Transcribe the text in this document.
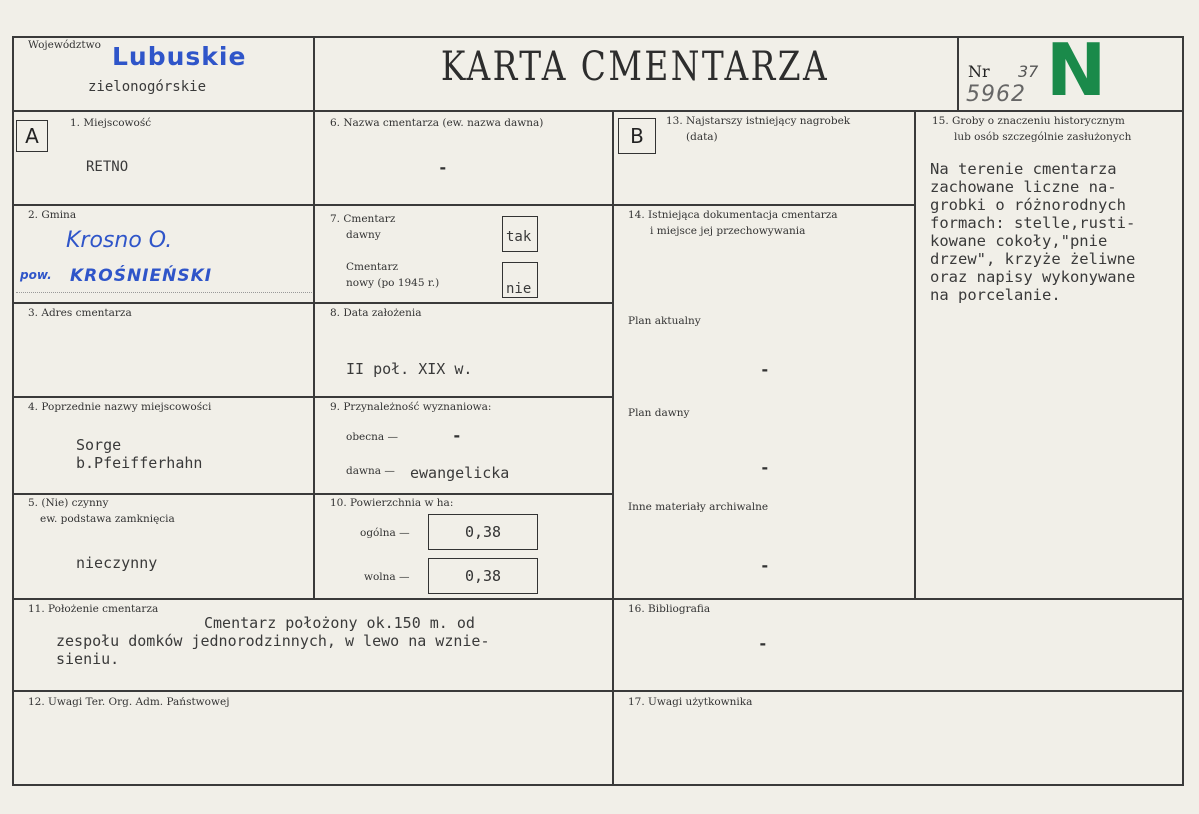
Województwo Lubuskie
zielonogórskie	KARTA CMENTARZA	Nr 37
5962 N
A	B
1. Miejscowość
RETNO
6. Nazwa cmentarza (ew. nazwa dawna)
-
13. Najstarszy istniejący nagrobek
(data)
15. Groby o znaczeniu historycznym
lub osób szczególnie zasłużonych
Na terenie cmentarza
zachowane liczne na-
grobki o różnorodnych
formach: stelle,rusti-
kowane cokoły,"pnie
drzew", krzyże żeliwne
oraz napisy wykonywane
na porcelanie.
2. Gmina
Krosno O.
pow. KROŚNIEŃSKI
7. Cmentarz
dawny	tak
Cmentarz
nowy (po 1945 r.)	nie
14. Istniejąca dokumentacja cmentarza
i miejsce jej przechowywania
Plan aktualny
-
Plan dawny
-
Inne materiały archiwalne
-
3. Adres cmentarza	8. Data założenia
II poł. XIX w.
4. Poprzednie nazwy miejscowości
Sorge
b.Pfeifferhahn
9. Przynależność wyznaniowa:
obecna —	-
dawna — ewangelicka
5. (Nie) czynny
ew. podstawa zamknięcia
nieczynny
10. Powierzchnia w ha:
ogólna —	0,38
wolna —	0,38
11. Położenie cmentarza
Cmentarz położony ok.150 m. od
zespołu domków jednorodzinnych, w lewo na wznie-
sieniu.
16. Bibliografia
-
12. Uwagi Ter. Org. Adm. Państwowej	17. Uwagi użytkownika
